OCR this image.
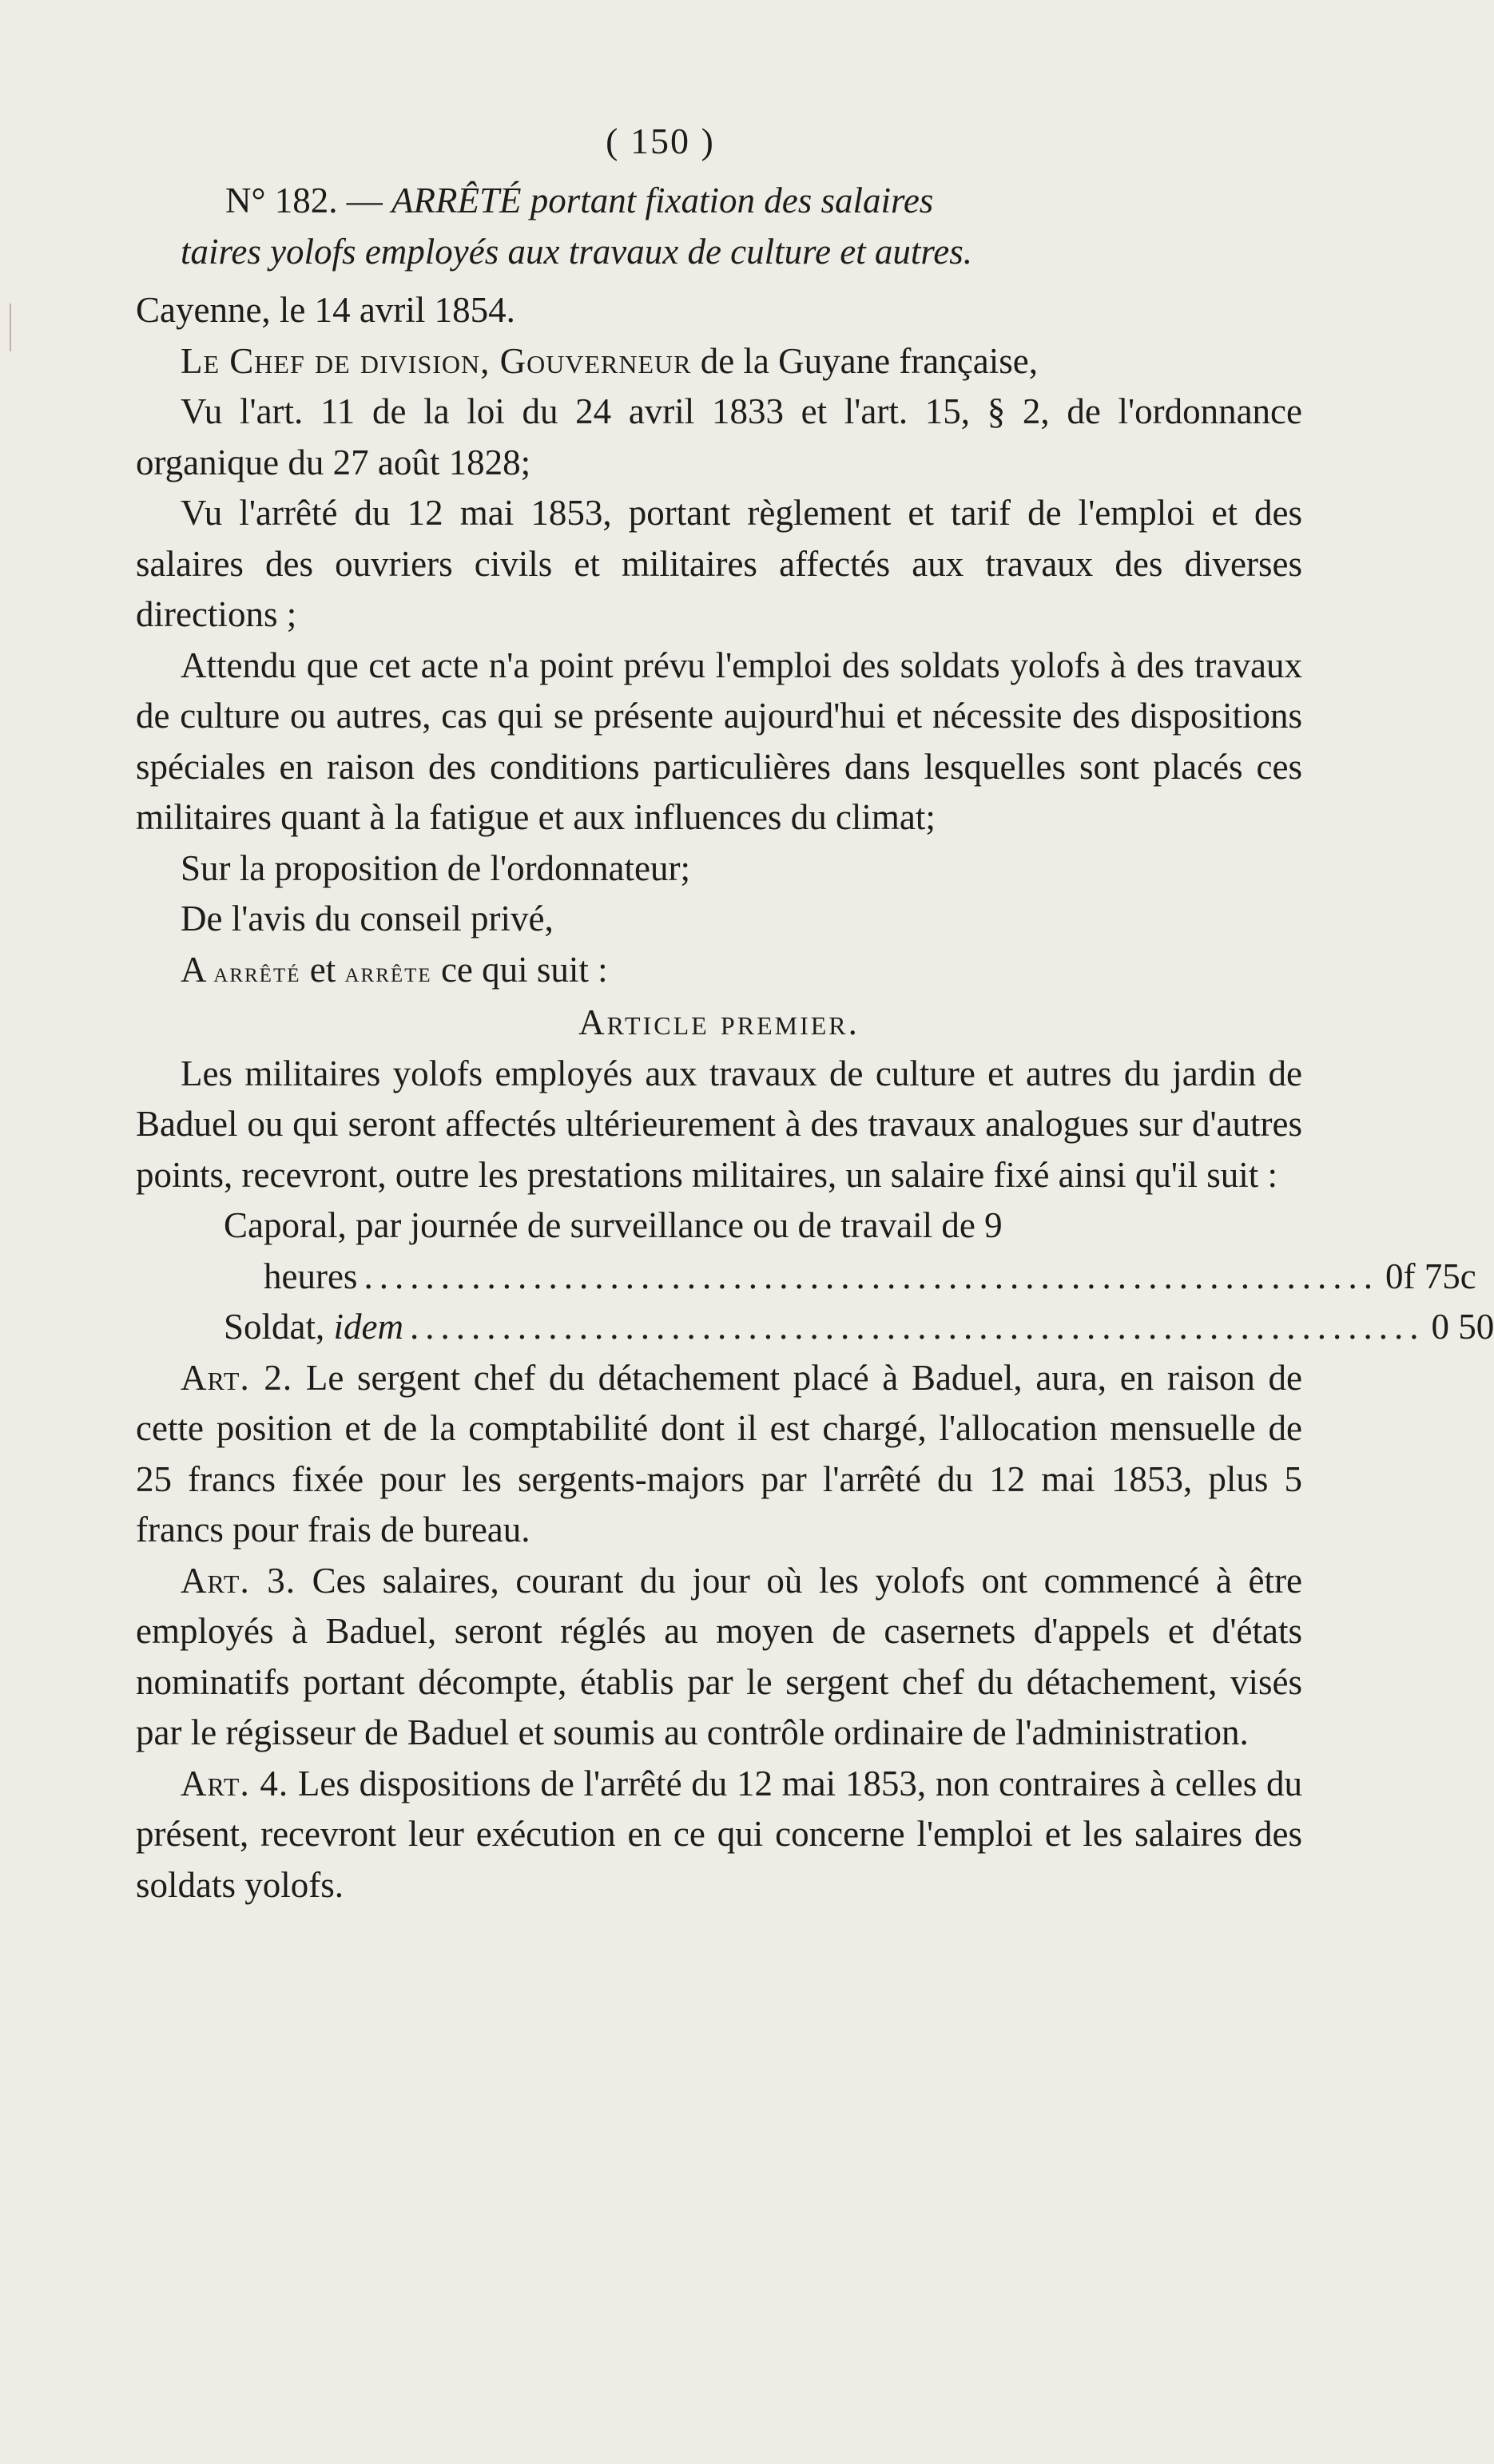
( 150 )

N° 182. — ARRÊTÉ portant fixation des salaires
taires yolofs employés aux travaux de culture et autres.

Cayenne, le 14 avril 1854.

Le Chef de division, Gouverneur de la Guyane française,

Vu l'art. 11 de la loi du 24 avril 1833 et l'art. 15, § 2, de l'ordonnance organique du 27 août 1828;

Vu l'arrêté du 12 mai 1853, portant règlement et tarif de l'emploi et des salaires des ouvriers civils et militaires affectés aux travaux des diverses directions ;

Attendu que cet acte n'a point prévu l'emploi des soldats yolofs à des travaux de culture ou autres, cas qui se présente aujourd'hui et nécessite des dispositions spéciales en raison des conditions particulières dans lesquelles sont placés ces militaires quant à la fatigue et aux influences du climat;

Sur la proposition de l'ordonnateur;

De l'avis du conseil privé,

A arrêté et arrête ce qui suit :

Article premier.

Les militaires yolofs employés aux travaux de culture et autres du jardin de Baduel ou qui seront affectés ultérieurement à des travaux analogues sur d'autres points, recevront, outre les prestations militaires, un salaire fixé ainsi qu'il suit :

Caporal, par journée de surveillance ou de travail de 9

heures .................................................................. 0f 75c

Soldat, idem .................................................................. 0 50

Art. 2. Le sergent chef du détachement placé à Baduel, aura, en raison de cette position et de la comptabilité dont il est chargé, l'allocation mensuelle de 25 francs fixée pour les sergents-majors par l'arrêté du 12 mai 1853, plus 5 francs pour frais de bureau.

Art. 3. Ces salaires, courant du jour où les yolofs ont commencé à être employés à Baduel, seront réglés au moyen de casernets d'appels et d'états nominatifs portant décompte, établis par le sergent chef du détachement, visés par le régisseur de Baduel et soumis au contrôle ordinaire de l'administration.

Art. 4. Les dispositions de l'arrêté du 12 mai 1853, non contraires à celles du présent, recevront leur exécution en ce qui concerne l'emploi et les salaires des soldats yolofs.
